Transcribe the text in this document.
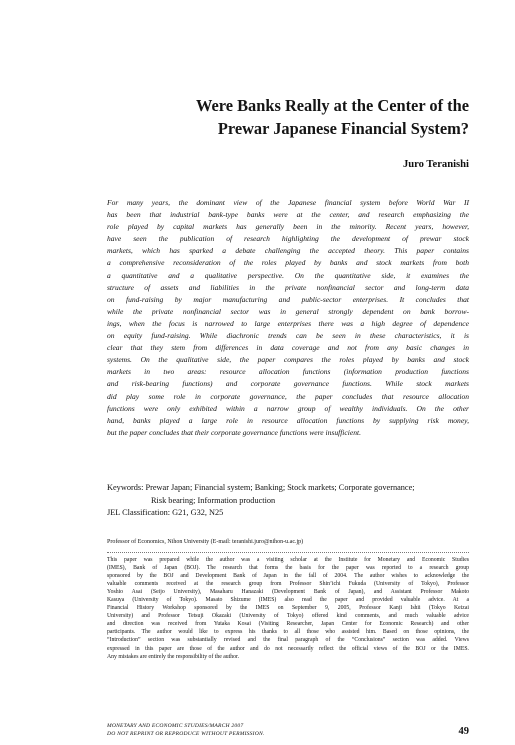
Were Banks Really at the Center of the
Prewar Japanese Financial System?
Juro Teranishi
For many years, the dominant view of the Japanese financial system before World War II
has been that industrial bank-type banks were at the center, and research emphasizing the
role played by capital markets has generally been in the minority. Recent years, however,
have seen the publication of research highlighting the development of prewar stock
markets, which has sparked a debate challenging the accepted theory. This paper contains
a comprehensive reconsideration of the roles played by banks and stock markets from both
a quantitative and a qualitative perspective. On the quantitative side, it examines the
structure of assets and liabilities in the private nonfinancial sector and long-term data
on fund-raising by major manufacturing and public-sector enterprises. It concludes that
while the private nonfinancial sector was in general strongly dependent on bank borrow-
ings, when the focus is narrowed to large enterprises there was a high degree of dependence
on equity fund-raising. While diachronic trends can be seen in these characteristics, it is
clear that they stem from differences in data coverage and not from any basic changes in
systems. On the qualitative side, the paper compares the roles played by banks and stock
markets in two areas: resource allocation functions (information production functions
and risk-bearing functions) and corporate governance functions. While stock markets
did play some role in corporate governance, the paper concludes that resource allocation
functions were only exhibited within a narrow group of wealthy individuals. On the other
hand, banks played a large role in resource allocation functions by supplying risk money,
but the paper concludes that their corporate governance functions were insufficient.
Keywords: Prewar Japan; Financial system; Banking; Stock markets; Corporate governance;
Risk bearing; Information production
JEL Classification: G21, G32, N25
Professor of Economics, Nihon University (E-mail: teranishi.juro@nihon-u.ac.jp)
This paper was prepared while the author was a visiting scholar at the Institute for Monetary and Economic Studies
(IMES), Bank of Japan (BOJ). The research that forms the basis for the paper was reported to a research group
sponsored by the BOJ and Development Bank of Japan in the fall of 2004. The author wishes to acknowledge the
valuable comments received at the research group from Professor Shin’ichi Fukuda (University of Tokyo), Professor
Yoshio Asai (Seijo University), Masaharu Hanazaki (Development Bank of Japan), and Assistant Professor Makoto
Kasuya (University of Tokyo). Masato Shizume (IMES) also read the paper and provided valuable advice. At a
Financial History Workshop sponsored by the IMES on September 9, 2005, Professor Kanji Ishii (Tokyo Keizai
University) and Professor Tetsuji Okazaki (University of Tokyo) offered kind comments, and much valuable advice
and direction was received from Yutaka Kosai (Visiting Researcher, Japan Center for Economic Research) and other
participants. The author would like to express his thanks to all those who assisted him. Based on those opinions, the
“Introduction” section was substantially revised and the final paragraph of the “Conclusions” section was added. Views
expressed in this paper are those of the author and do not necessarily reflect the official views of the BOJ or the IMES.
Any mistakes are entirely the responsibility of the author.
MONETARY AND ECONOMIC STUDIES/MARCH 2007
DO NOT REPRINT OR REPRODUCE WITHOUT PERMISSION.	49
